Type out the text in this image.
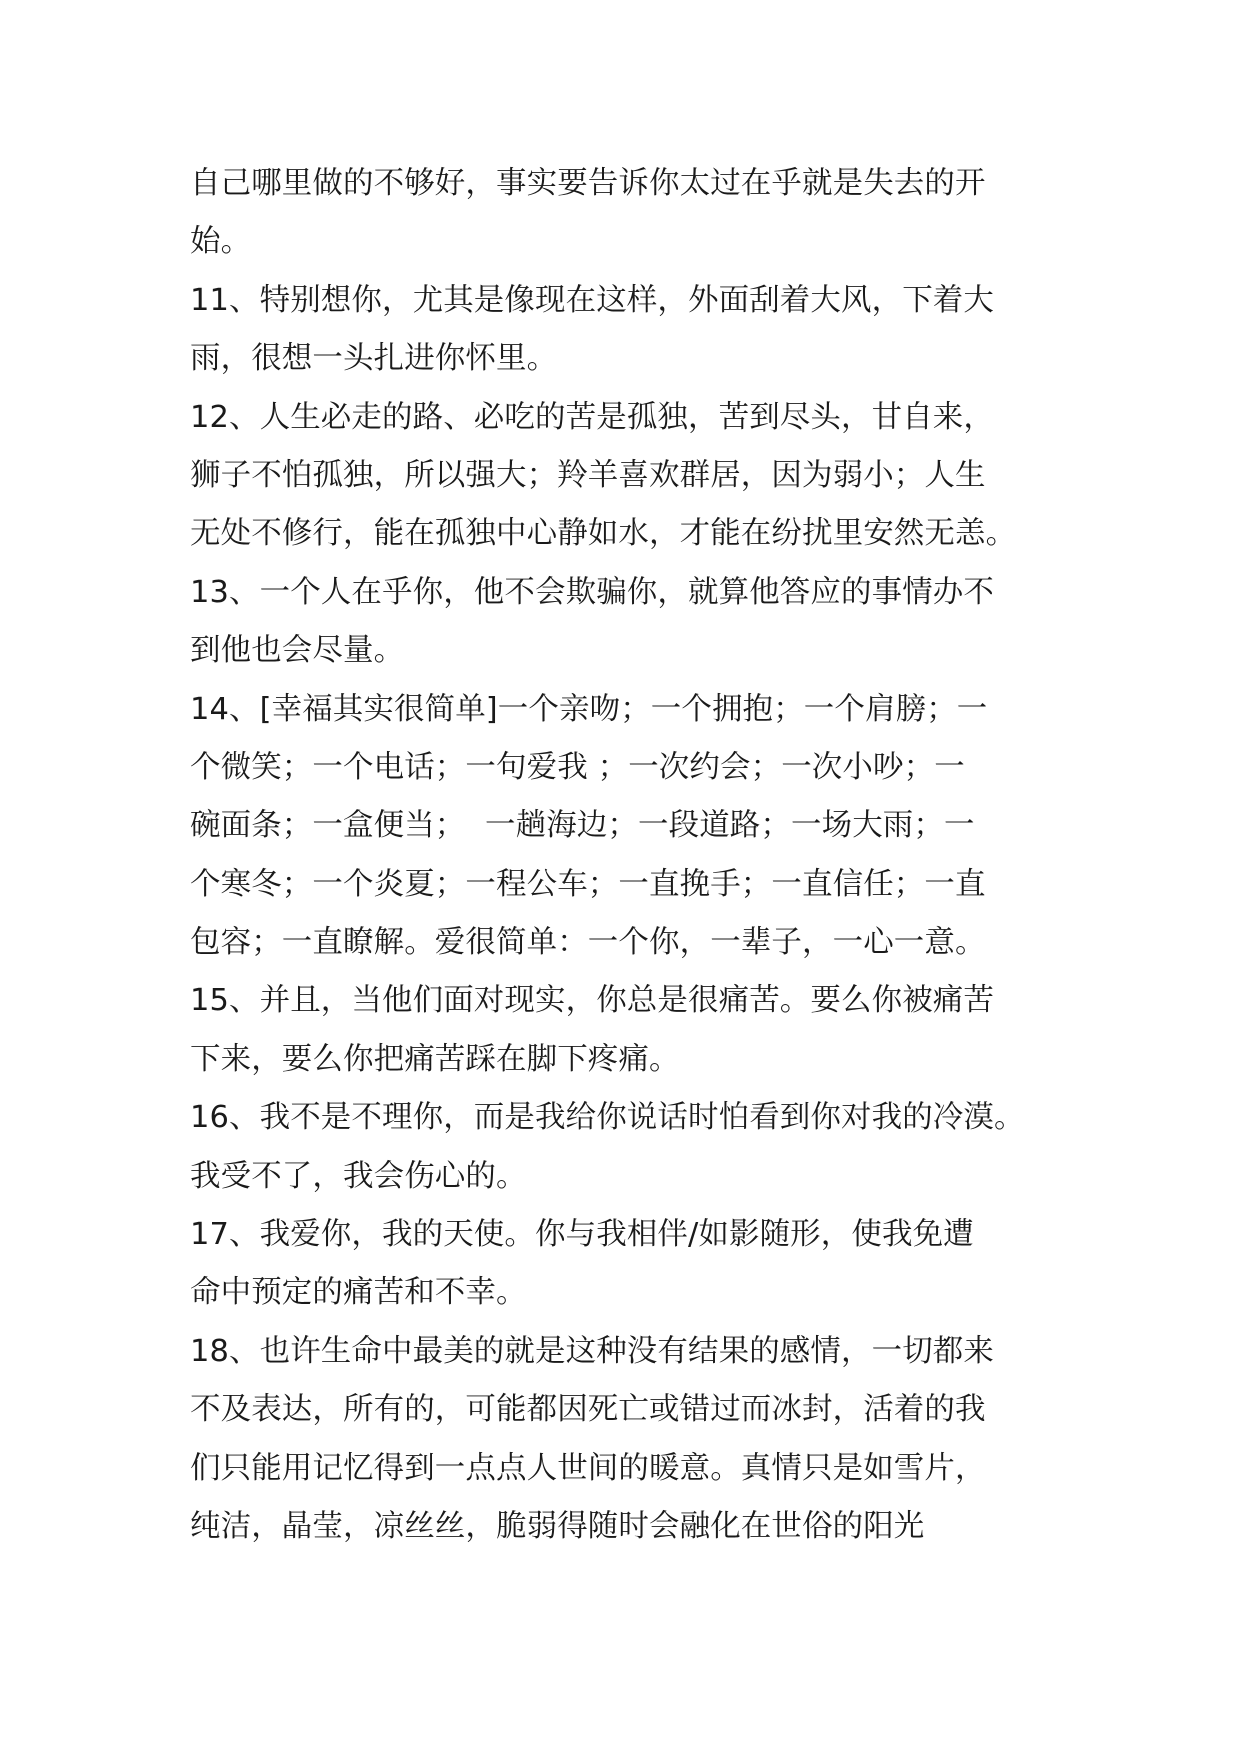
自己哪里做的不够好，事实要告诉你太过在乎就是失去的开
始。
11、特别想你，尤其是像现在这样，外面刮着大风，下着大
雨，很想一头扎进你怀里。
12、人生必走的路、必吃的苦是孤独，苦到尽头，甘自来，
狮子不怕孤独，所以强大；羚羊喜欢群居，因为弱小；人生
无处不修行，能在孤独中心静如水，才能在纷扰里安然无恙。
13、一个人在乎你，他不会欺骗你，就算他答应的事情办不
到他也会尽量。
14、[幸福其实很简单]一个亲吻；一个拥抱；一个肩膀；一
个微笑；一个电话；一句爱我 ；一次约会；一次小吵；一
碗面条；一盒便当；  一趟海边；一段道路；一场大雨；一
个寒冬；一个炎夏；一程公车；一直挽手；一直信任；一直
包容；一直瞭解。爱很简单：一个你，一辈子，一心一意。
15、并且，当他们面对现实，你总是很痛苦。要么你被痛苦
下来，要么你把痛苦踩在脚下疼痛。
16、我不是不理你，而是我给你说话时怕看到你对我的冷漠。
我受不了，我会伤心的。
17、我爱你，我的天使。你与我相伴/如影随形，使我免遭
命中预定的痛苦和不幸。
18、也许生命中最美的就是这种没有结果的感情，一切都来
不及表达，所有的，可能都因死亡或错过而冰封，活着的我
们只能用记忆得到一点点人世间的暖意。真情只是如雪片，
纯洁，晶莹，凉丝丝，脆弱得随时会融化在世俗的阳光
